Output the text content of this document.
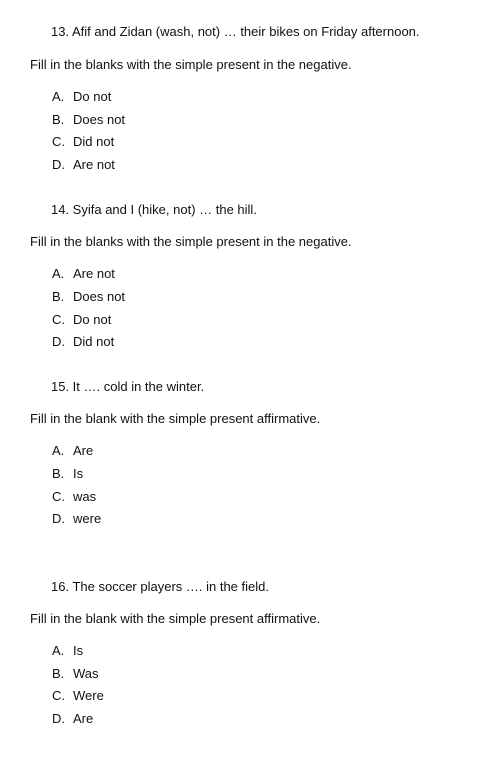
13. Afif and Zidan (wash, not) … their bikes on Friday afternoon.
Fill in the blanks with the simple present in the negative.
A. Do not
B. Does not
C. Did not
D. Are not
14. Syifa and I (hike, not) … the hill.
Fill in the blanks with the simple present in the negative.
A. Are not
B. Does not
C. Do not
D. Did not
15. It …. cold in the winter.
Fill in the blank with the simple present affirmative.
A. Are
B. Is
C. was
D. were
16. The soccer players …. in the field.
Fill in the blank with the simple present affirmative.
A. Is
B. Was
C. Were
D. Are
